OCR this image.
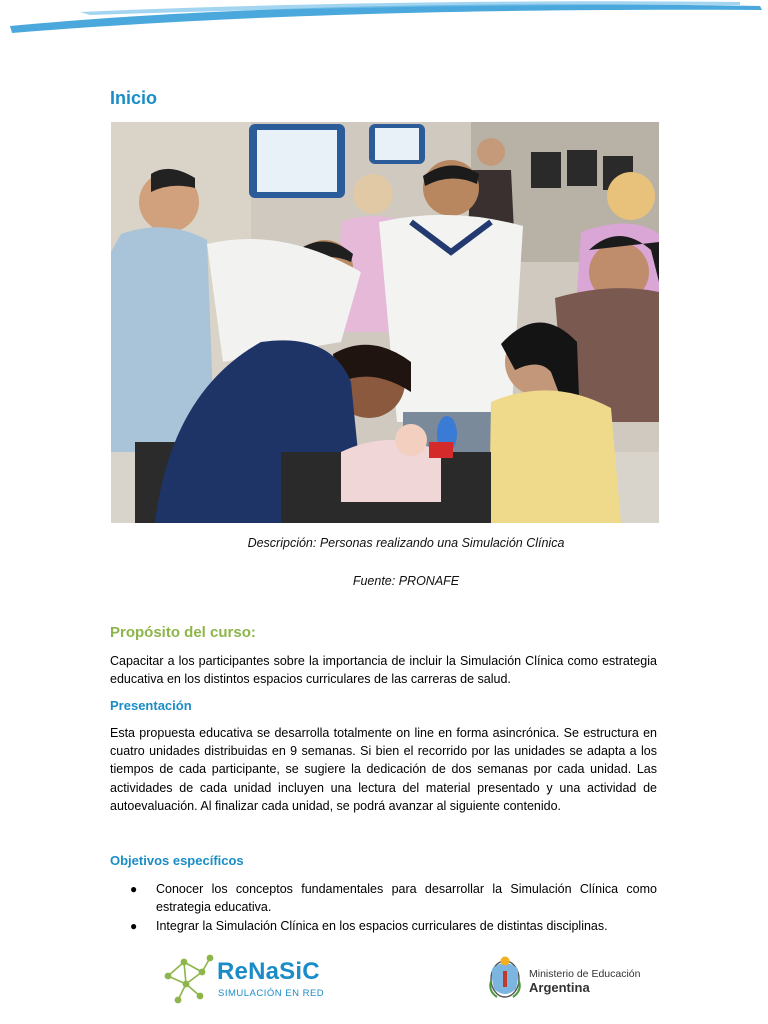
Inicio

Descripción: Personas realizando una Simulación Clínica

Fuente: PRONAFE

Propósito del curso:

Capacitar a los participantes sobre la importancia de incluir la Simulación Clínica como estrategia educativa en los distintos espacios curriculares de las carreras de salud.

Presentación

Esta propuesta educativa se desarrolla totalmente on line en forma asincrónica. Se estructura en cuatro unidades distribuidas en 9 semanas. Si bien el recorrido por las unidades se adapta a los tiempos de cada participante, se sugiere la dedicación de dos semanas por cada unidad. Las actividades de cada unidad incluyen una lectura del material presentado y una actividad de autoevaluación. Al finalizar cada unidad, se podrá avanzar al siguiente contenido.

Objetivos específicos
● Conocer los conceptos fundamentales para desarrollar la Simulación Clínica como estrategia educativa.
● Integrar la Simulación Clínica en los espacios curriculares de distintas disciplinas.
ReNaSiC
SIMULACIÓN EN RED
Ministerio de Educación
Argentina
